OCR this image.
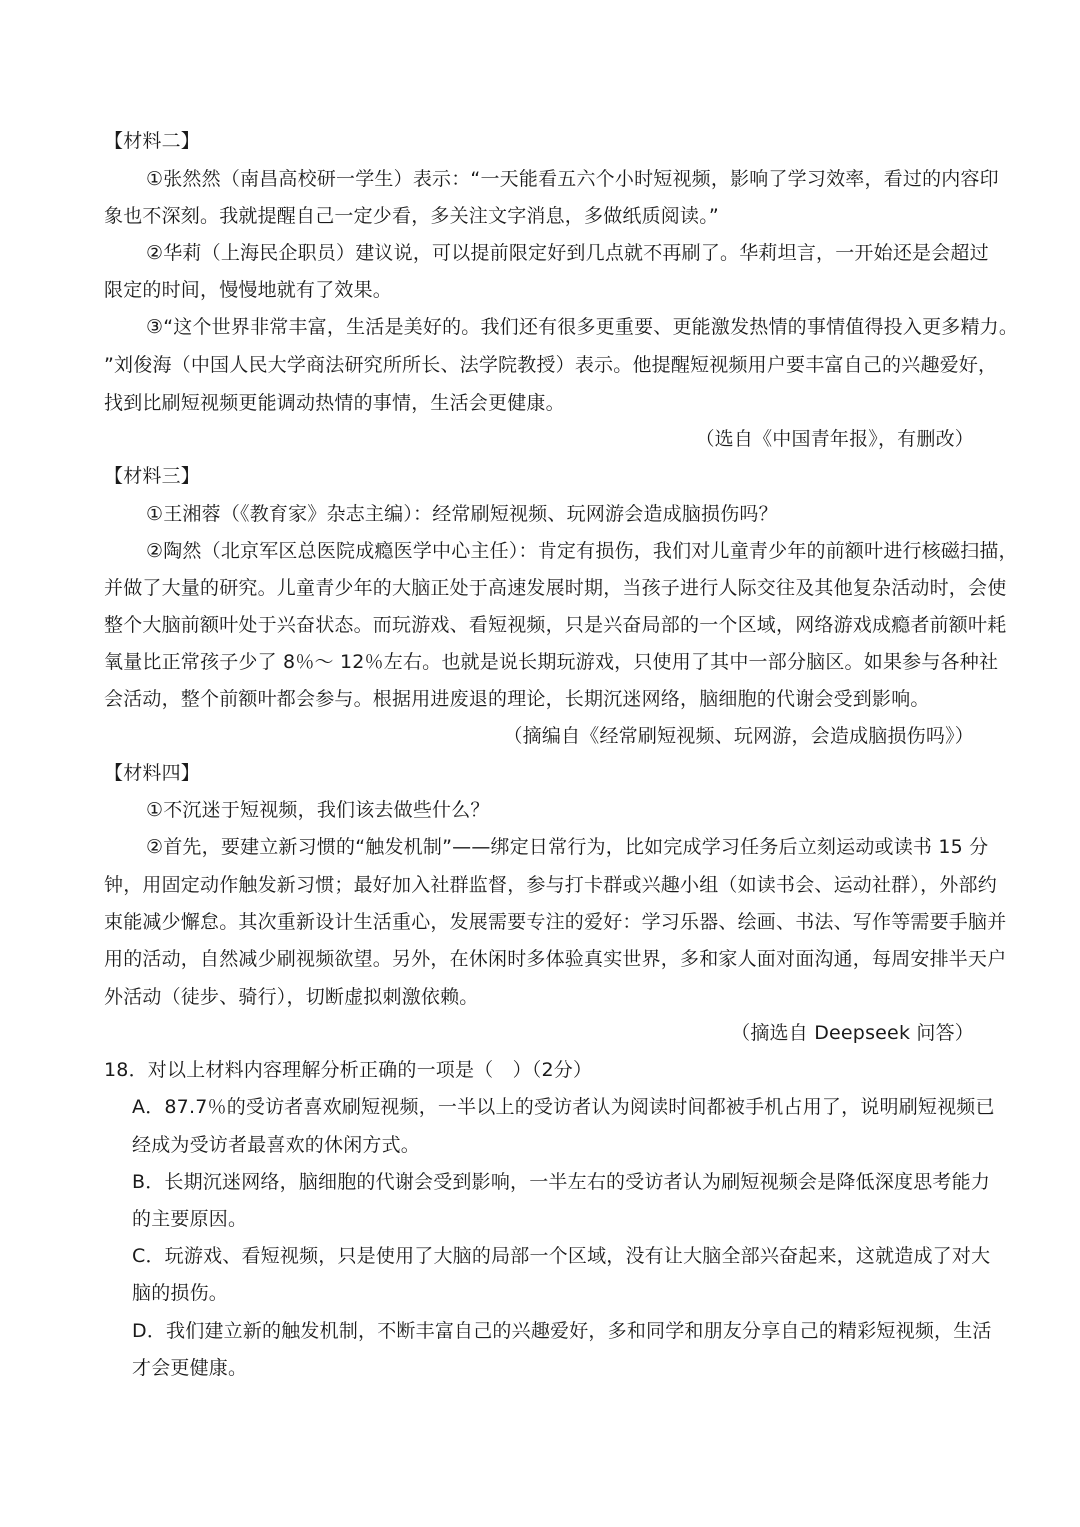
【材料二】
①张然然（南昌高校研一学生）表示：“一天能看五六个小时短视频，影响了学习效率，看过的内容印
象也不深刻。我就提醒自己一定少看，多关注文字消息，多做纸质阅读。”
②华莉（上海民企职员）建议说，可以提前限定好到几点就不再刷了。华莉坦言，一开始还是会超过
限定的时间，慢慢地就有了效果。
③“这个世界非常丰富，生活是美好的。我们还有很多更重要、更能激发热情的事情值得投入更多精力。
”刘俊海（中国人民大学商法研究所所长、法学院教授）表示。他提醒短视频用户要丰富自己的兴趣爱好，
找到比刷短视频更能调动热情的事情，生活会更健康。
（选自《中国青年报》，有删改）
【材料三】
①王湘蓉（《教育家》杂志主编）：经常刷短视频、玩网游会造成脑损伤吗？
②陶然（北京军区总医院成瘾医学中心主任）：肯定有损伤，我们对儿童青少年的前额叶进行核磁扫描，
并做了大量的研究。儿童青少年的大脑正处于高速发展时期，当孩子进行人际交往及其他复杂活动时，会使
整个大脑前额叶处于兴奋状态。而玩游戏、看短视频，只是兴奋局部的一个区域，网络游戏成瘾者前额叶耗
氧量比正常孩子少了 8％～ 12％左右。也就是说长期玩游戏，只使用了其中一部分脑区。如果参与各种社
会活动，整个前额叶都会参与。根据用进废退的理论，长期沉迷网络，脑细胞的代谢会受到影响。
（摘编自《经常刷短视频、玩网游，会造成脑损伤吗》）
【材料四】
①不沉迷于短视频，我们该去做些什么？
②首先，要建立新习惯的“触发机制”——绑定日常行为，比如完成学习任务后立刻运动或读书 15 分
钟，用固定动作触发新习惯；最好加入社群监督，参与打卡群或兴趣小组（如读书会、运动社群），外部约
束能减少懈怠。其次重新设计生活重心，发展需要专注的爱好：学习乐器、绘画、书法、写作等需要手脑并
用的活动，自然减少刷视频欲望。另外，在休闲时多体验真实世界，多和家人面对面沟通，每周安排半天户
外活动（徒步、骑行），切断虚拟刺激依赖。
（摘选自 Deepseek 问答）
18．对以上材料内容理解分析正确的一项是（　）（2分）
A．87.7％的受访者喜欢刷短视频，一半以上的受访者认为阅读时间都被手机占用了，说明刷短视频已
经成为受访者最喜欢的休闲方式。
B．长期沉迷网络，脑细胞的代谢会受到影响，一半左右的受访者认为刷短视频会是降低深度思考能力
的主要原因。
C．玩游戏、看短视频，只是使用了大脑的局部一个区域，没有让大脑全部兴奋起来，这就造成了对大
脑的损伤。
D．我们建立新的触发机制，不断丰富自己的兴趣爱好，多和同学和朋友分享自己的精彩短视频，生活
才会更健康。
